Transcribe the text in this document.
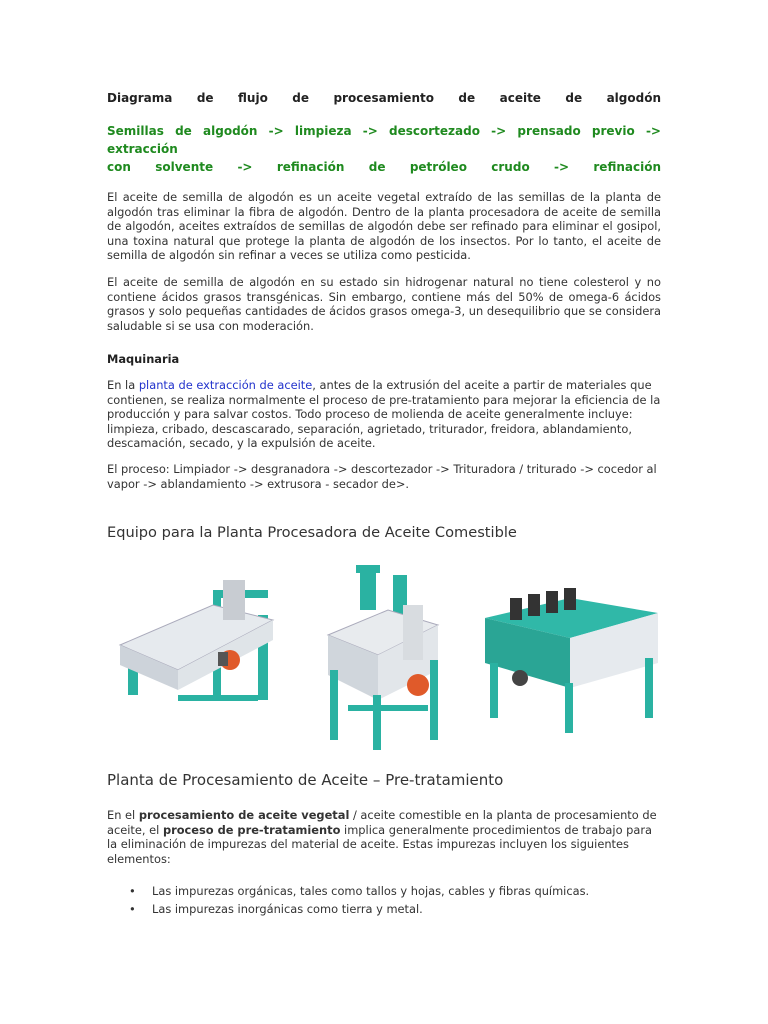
Diagrama de flujo de procesamiento de aceite de algodón
Semillas de algodón -> limpieza -> descortezado -> prensado previo -> extracción
con solvente -> refinación de petróleo crudo -> refinación

El aceite de semilla de algodón es un aceite vegetal extraído de las semillas de la planta de algodón tras eliminar la fibra de algodón. Dentro de la planta procesadora de aceite de semilla de algodón, aceites extraídos de semillas de algodón debe ser refinado para eliminar el gosipol, una toxina natural que protege la planta de algodón de los insectos. Por lo tanto, el aceite de semilla de algodón sin refinar a veces se utiliza como pesticida.

El aceite de semilla de algodón en su estado sin hidrogenar natural no tiene colesterol y no contiene ácidos grasos transgénicas. Sin embargo, contiene más del 50% de omega-6 ácidos grasos y solo pequeñas cantidades de ácidos grasos omega-3, un desequilibrio que se considera saludable si se usa con moderación.

Maquinaria

En la planta de extracción de aceite, antes de la extrusión del aceite a partir de materiales que contienen, se realiza normalmente el proceso de pre-tratamiento para mejorar la eficiencia de la producción y para salvar costos. Todo proceso de molienda de aceite generalmente incluye: limpieza, cribado, descascarado, separación, agrietado, triturador, freidora, ablandamiento, descamación, secado, y la expulsión de aceite.

El proceso: Limpiador -> desgranadora -> descortezador -> Trituradora / triturado -> cocedor al vapor -> ablandamiento -> extrusora - secador de>.

Equipo para la Planta Procesadora de Aceite Comestible
Planta de Procesamiento de Aceite – Pre-tratamiento

En el procesamiento de aceite vegetal / aceite comestible en la planta de procesamiento de aceite, el proceso de pre-tratamiento implica generalmente procedimientos de trabajo para la eliminación de impurezas del material de aceite. Estas impurezas incluyen los siguientes elementos:

• Las impurezas orgánicas, tales como tallos y hojas, cables y fibras químicas.
• Las impurezas inorgánicas como tierra y metal.
